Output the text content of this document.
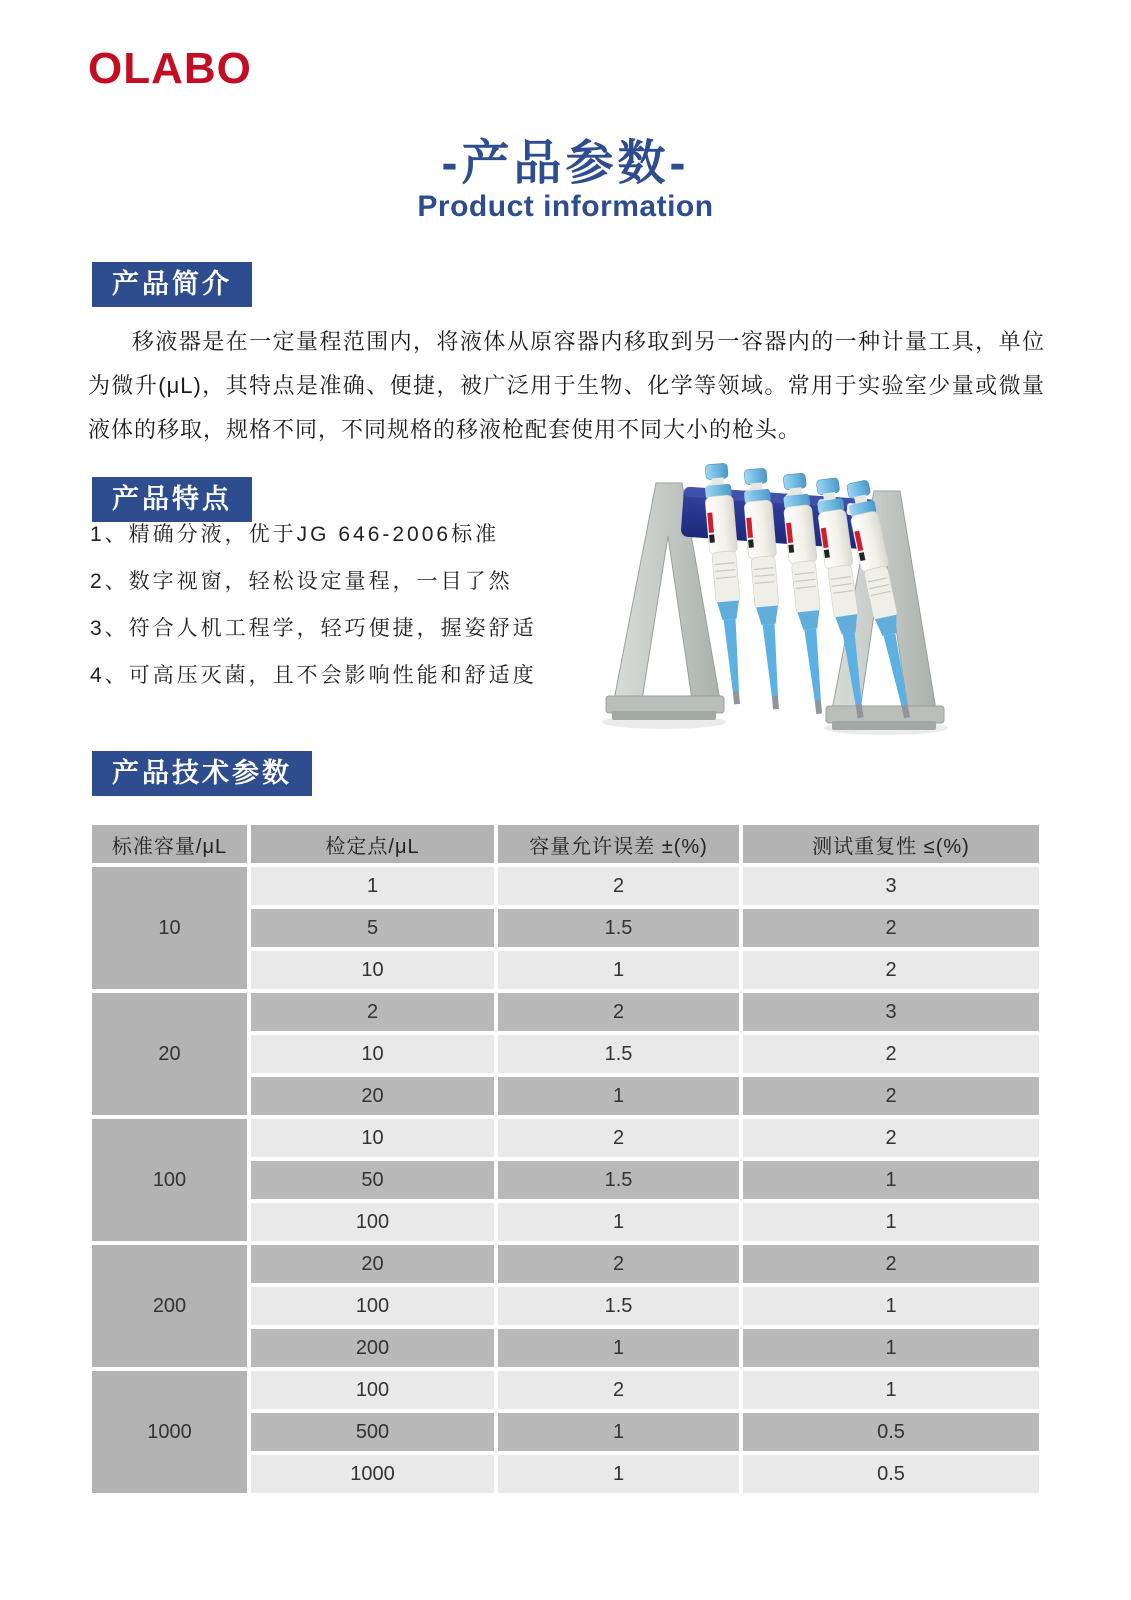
OLABO
-产品参数-
Product information
产品简介

移液器是在一定量程范围内，将液体从原容器内移取到另一容器内的一种计量工具，单位为微升(μL)，其特点是准确、便捷，被广泛用于生物、化学等领域。常用于实验室少量或微量液体的移取，规格不同，不同规格的移液枪配套使用不同大小的枪头。

产品特点
1、精确分液，优于JG 646-2006标准
2、数字视窗，轻松设定量程，一目了然
3、符合人机工程学，轻巧便捷，握姿舒适
4、可高压灭菌，且不会影响性能和舒适度
产品技术参数
标准容量/μL	检定点/μL	容量允许误差 ±(%)	测试重复性 ≤(%)
10	1	2	3
	5	1.5	2
	10	1	2
20	2	2	3
	10	1.5	2
	20	1	2
100	10	2	2
	50	1.5	1
	100	1	1
200	20	2	2
	100	1.5	1
	200	1	1
1000	100	2	1
	500	1	0.5
	1000	1	0.5
